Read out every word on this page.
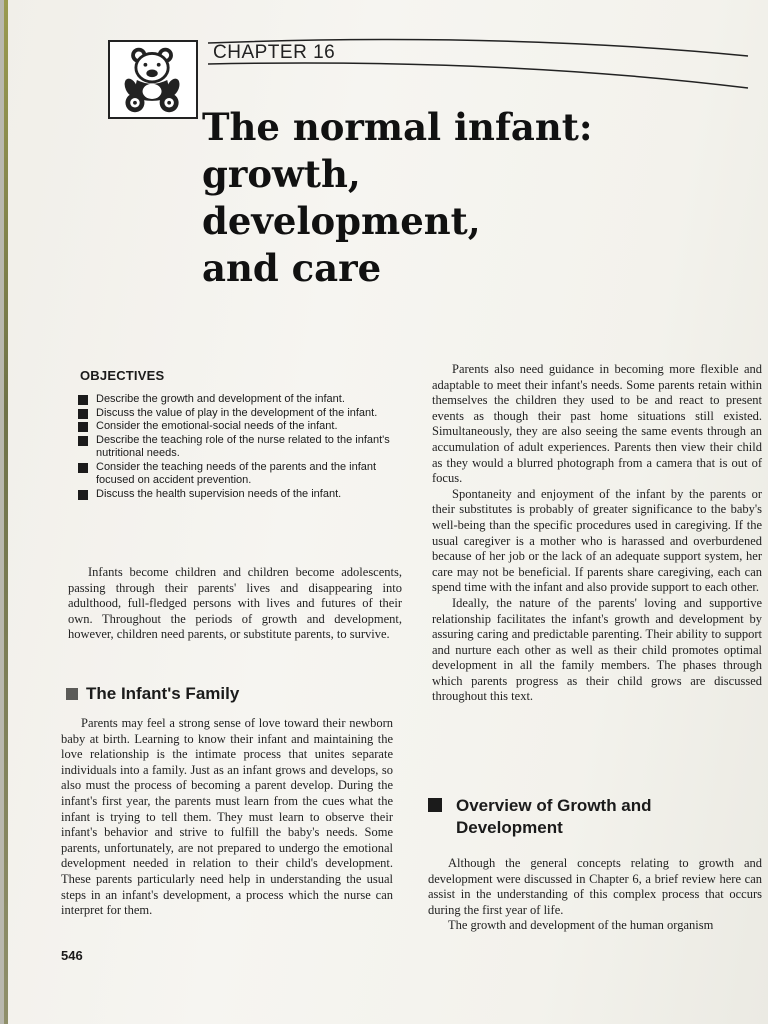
CHAPTER 16
The normal infant:
growth,
development,
and care
OBJECTIVES
Describe the growth and development of the infant.
Discuss the value of play in the development of the infant.
Consider the emotional-social needs of the infant.
Describe the teaching role of the nurse related to the infant's nutritional needs.
Consider the teaching needs of the parents and the infant focused on accident prevention.
Discuss the health supervision needs of the infant.

Infants become children and children become adolescents, passing through their parents' lives and disappearing into adulthood, full-fledged persons with lives and futures of their own. Throughout the periods of growth and development, however, children need parents, or substitute parents, to survive.

The Infant's Family

Parents may feel a strong sense of love toward their newborn baby at birth. Learning to know their infant and maintaining the love relationship is the intimate process that unites separate individuals into a family. Just as an infant grows and develops, so also must the process of becoming a parent develop. During the infant's first year, the parents must learn from the cues what the infant is trying to tell them. They must learn to observe their infant's behavior and strive to fulfill the baby's needs. Some parents, unfortunately, are not prepared to undergo the emotional development needed in relation to their child's development. These parents particularly need help in understanding the usual steps in an infant's development, a process which the nurse can interpret for them.

546

Parents also need guidance in becoming more flexible and adaptable to meet their infant's needs. Some parents retain within themselves the children they used to be and react to present events as though their past home situations still existed. Simultaneously, they are also seeing the same events through an accumulation of adult experiences. Parents then view their child as they would a blurred photograph from a camera that is out of focus.

Spontaneity and enjoyment of the infant by the parents or their substitutes is probably of greater significance to the baby's well-being than the specific procedures used in caregiving. If the usual caregiver is a mother who is harassed and overburdened because of her job or the lack of an adequate support system, her care may not be beneficial. If parents share caregiving, each can spend time with the infant and also provide support to each other.

Ideally, the nature of the parents' loving and supportive relationship facilitates the infant's growth and development by assuring caring and predictable parenting. Their ability to support and nurture each other as well as their child promotes optimal development in all the family members. The phases through which parents progress as their child grows are discussed throughout this text.

Overview of Growth and
Development

Although the general concepts relating to growth and development were discussed in Chapter 6, a brief review here can assist in the understanding of this complex process that occurs during the first year of life.

The growth and development of the human organism
